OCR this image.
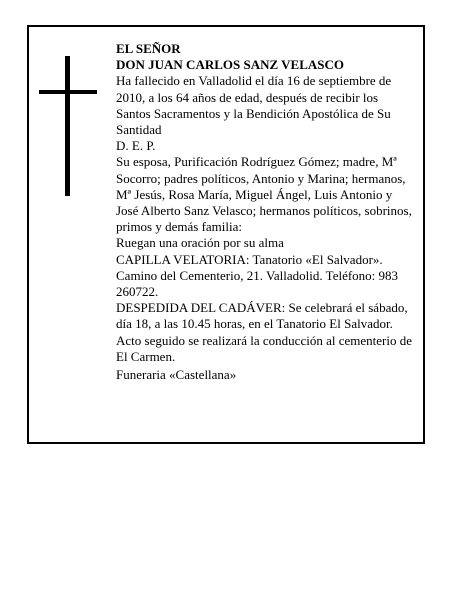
EL SEÑOR

DON JUAN CARLOS SANZ VELASCO

Ha fallecido en Valladolid el día 16 de septiembre de 2010, a los 64 años de edad, después de recibir los Santos Sacramentos y la Bendición Apostólica de Su Santidad

D. E. P.

Su esposa, Purificación Rodríguez Gómez; madre, Mª Socorro; padres políticos, Antonio y Marina; hermanos, Mª Jesús, Rosa María, Miguel Ángel, Luis Antonio y José Alberto Sanz Velasco; hermanos políticos, sobrinos, primos y demás familia:

Ruegan una oración por su alma

CAPILLA VELATORIA: Tanatorio «El Salvador». Camino del Cementerio, 21. Valladolid. Teléfono: 983 260722.

DESPEDIDA DEL CADÁVER: Se celebrará el sábado, día 18, a las 10.45 horas, en el Tanatorio El Salvador. Acto seguido se realizará la conducción al cementerio de El Carmen.

Funeraria «Castellana»
